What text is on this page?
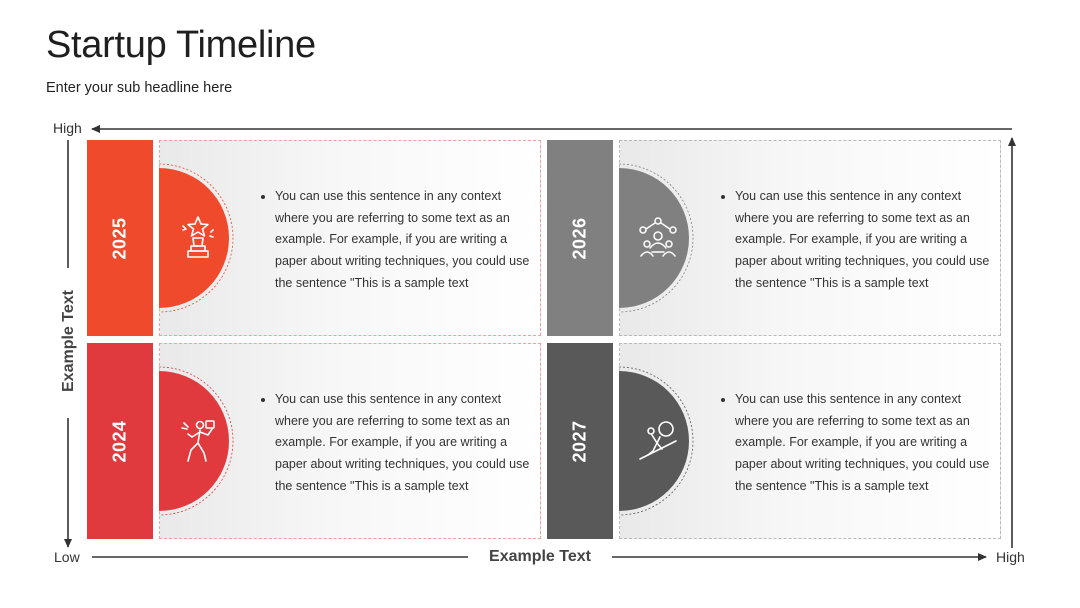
Startup Timeline
Enter your sub headline here
High
Low	High
Example Text
Example Text
2025
• You can use this sentence in any context where you are referring to some text as an example. For example, if you are writing a paper about writing techniques, you could use the sentence "This is a sample text
2026
• You can use this sentence in any context where you are referring to some text as an example. For example, if you are writing a paper about writing techniques, you could use the sentence "This is a sample text
2024
• You can use this sentence in any context where you are referring to some text as an example. For example, if you are writing a paper about writing techniques, you could use the sentence "This is a sample text
2027
• You can use this sentence in any context where you are referring to some text as an example. For example, if you are writing a paper about writing techniques, you could use the sentence "This is a sample text
